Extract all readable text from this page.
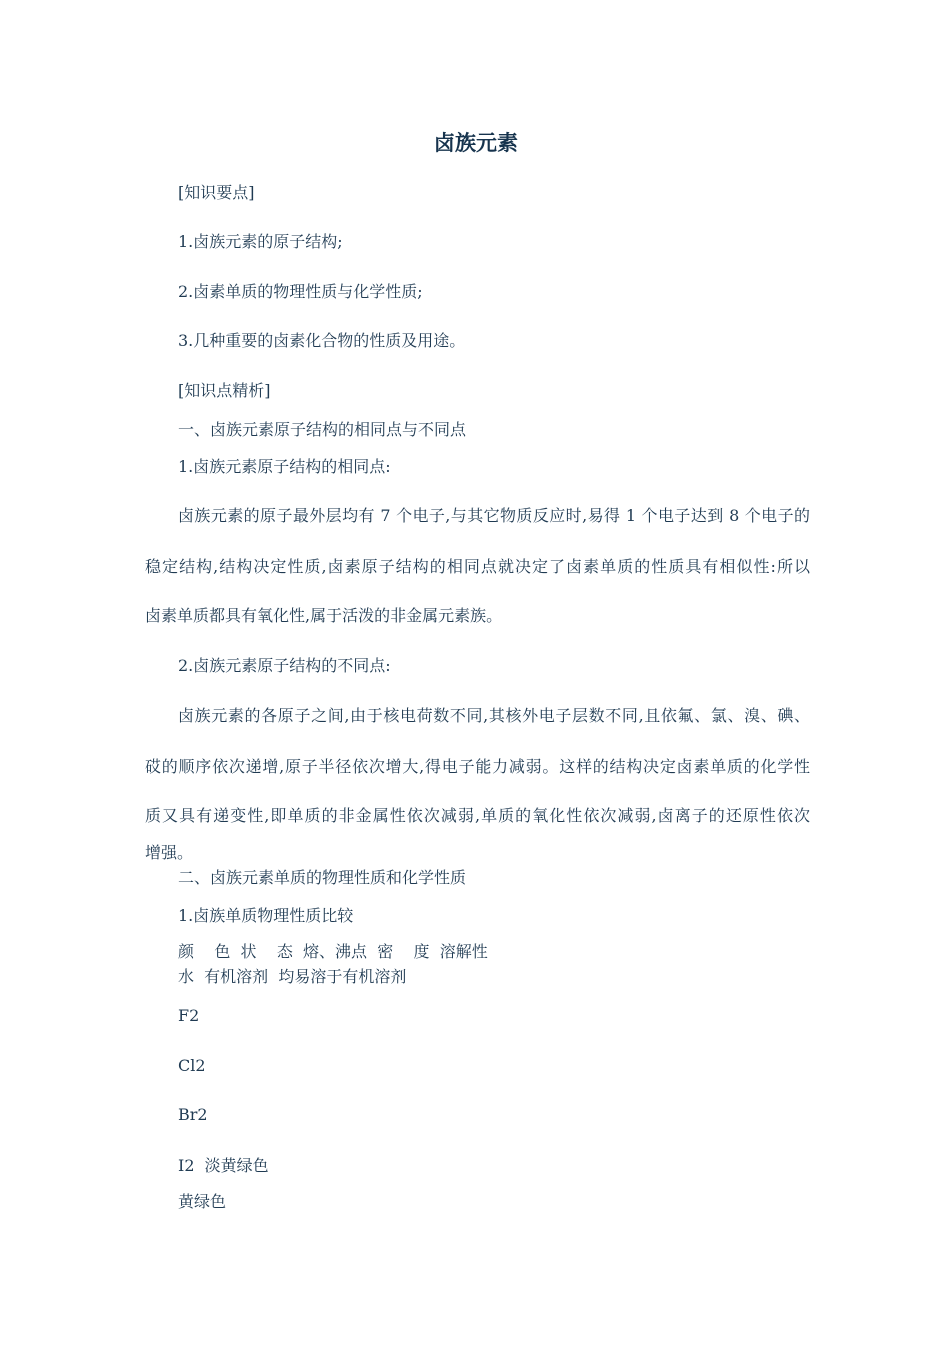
卤族元素
[知识要点]
1.卤族元素的原子结构;
2.卤素单质的物理性质与化学性质;
3.几种重要的卤素化合物的性质及用途。
[知识点精析]
一、卤族元素原子结构的相同点与不同点
1.卤族元素原子结构的相同点:
卤族元素的原子最外层均有 7 个电子,与其它物质反应时,易得 1 个电子达到 8 个电子的
稳定结构,结构决定性质,卤素原子结构的相同点就决定了卤素单质的性质具有相似性:所以
卤素单质都具有氧化性,属于活泼的非金属元素族。
2.卤族元素原子结构的不同点:
卤族元素的各原子之间,由于核电荷数不同,其核外电子层数不同,且依氟、氯、溴、碘、
砹的顺序依次递增,原子半径依次增大,得电子能力减弱。这样的结构决定卤素单质的化学性
质又具有递变性,即单质的非金属性依次减弱,单质的氧化性依次减弱,卤离子的还原性依次
增强。
二、卤族元素单质的物理性质和化学性质
1.卤族单质物理性质比较
颜    色  状    态  熔、沸点  密    度  溶解性
水  有机溶剂  均易溶于有机溶剂
F2
Cl2
Br2
I2  淡黄绿色
黄绿色
